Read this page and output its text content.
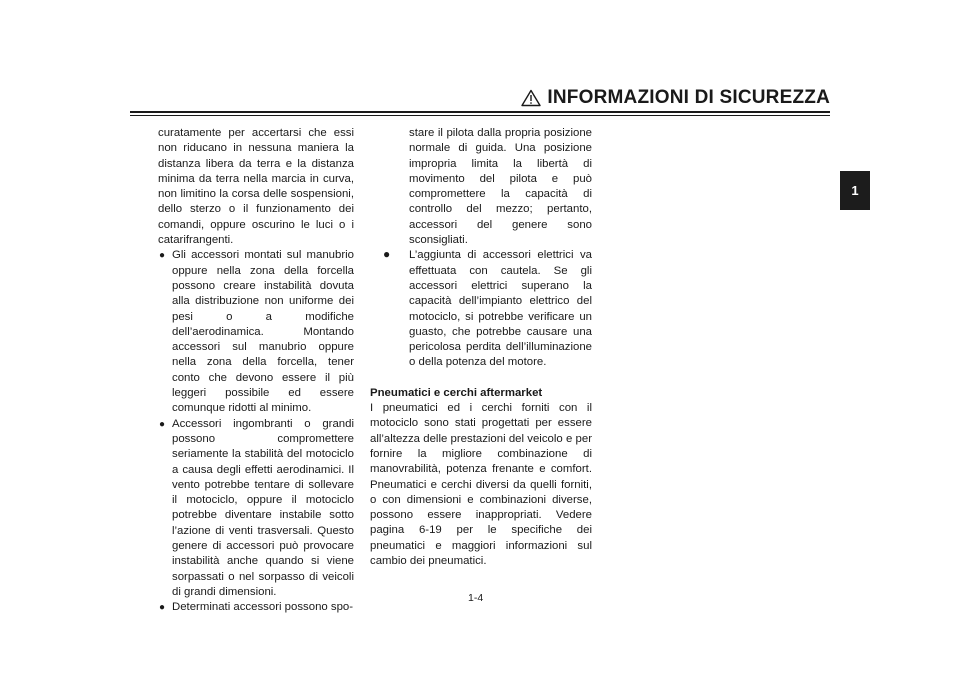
INFORMAZIONI DI SICUREZZA
1

curatamente per accertarsi che essi non riducano in nessuna maniera la distanza libera da terra e la distanza minima da terra nella marcia in curva, non limitino la corsa delle sospensioni, dello sterzo o il funzionamento dei comandi, oppure oscurino le luci o i catarifrangenti.

● Gli accessori montati sul manubrio oppure nella zona della forcella possono creare instabilità dovuta alla distribuzione non uniforme dei pesi o a modifiche dell’aerodinamica. Montando accessori sul manubrio oppure nella zona della forcella, tener conto che devono essere il più leggeri possibile ed essere comunque ridotti al minimo.
● Accessori ingombranti o grandi possono compromettere seriamente la stabilità del motociclo a causa degli effetti aerodinamici. Il vento potrebbe tentare di sollevare il motociclo, oppure il motociclo potrebbe diventare instabile sotto l’azione di venti trasversali. Questo genere di accessori può provocare instabilità anche quando si viene sorpassati o nel sorpasso di veicoli di grandi dimensioni.
● Determinati accessori possono spo-

stare il pilota dalla propria posizione normale di guida. Una posizione impropria limita la libertà di movimento del pilota e può compromettere la capacità di controllo del mezzo; pertanto, accessori del genere sono sconsigliati.

● L’aggiunta di accessori elettrici va effettuata con cautela. Se gli accessori elettrici superano la capacità dell’impianto elettrico del motociclo, si potrebbe verificare un guasto, che potrebbe causare una pericolosa perdita dell’illuminazione o della potenza del motore.

Pneumatici e cerchi aftermarket

I pneumatici ed i cerchi forniti con il motociclo sono stati progettati per essere all’altezza delle prestazioni del veicolo e per fornire la migliore combinazione di manovrabilità, potenza frenante e comfort. Pneumatici e cerchi diversi da quelli forniti, o con dimensioni e combinazioni diverse, possono essere inappropriati. Vedere pagina 6-19 per le specifiche dei pneumatici e maggiori informazioni sul cambio dei pneumatici.

1-4
